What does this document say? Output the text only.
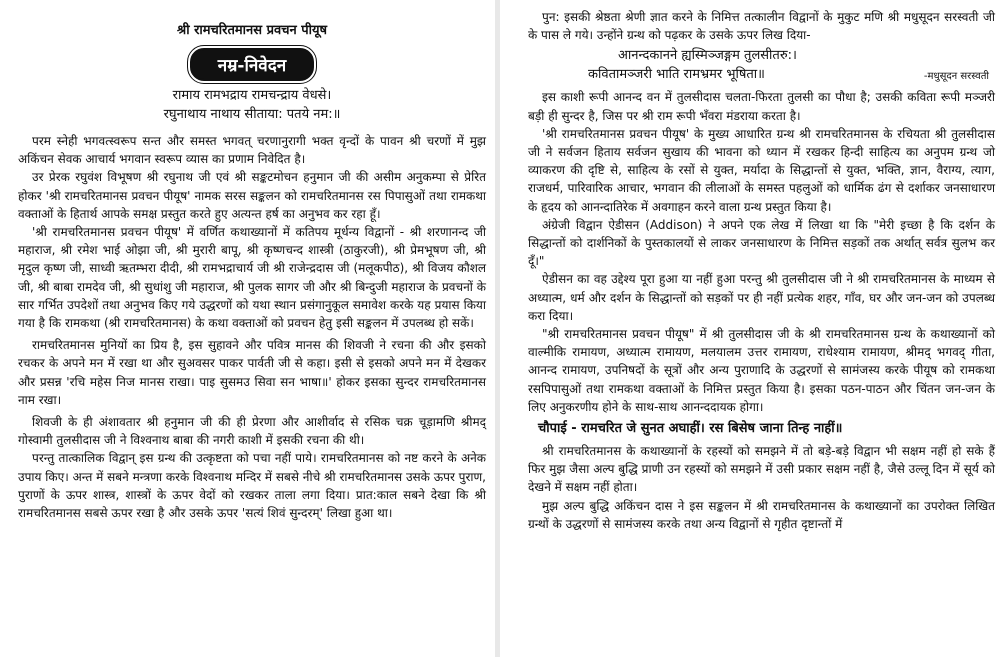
श्री रामचरितमानस प्रवचन पीयूष
नम्र-निवेदन
रामाय रामभद्राय रामचन्द्राय वेधसे।
रघुनाथाय नाथाय सीताया: पतये नम:॥

परम स्नेही भगवत्स्वरूप सन्त और समस्त भगवत् चरणानुरागी भक्त वृन्दों के पावन श्री चरणों में मुझ अकिंचन सेवक आचार्य भगवान स्वरूप व्यास का प्रणाम निवेदित है।

उर प्रेरक रघुवंश विभूषण श्री रघुनाथ जी एवं श्री सङ्कटमोचन हनुमान जी की असीम अनुकम्पा से प्रेरित होकर 'श्री रामचरितमानस प्रवचन पीयूष' नामक सरस सङ्कलन को रामचरितमानस रस पिपासुओं तथा रामकथा वक्ताओं के हितार्थ आपके समक्ष प्रस्तुत करते हुए अत्यन्त हर्ष का अनुभव कर रहा हूँ।

'श्री रामचरितमानस प्रवचन पीयूष' में वर्णित कथाख्यानों में कतिपय मूर्धन्य विद्वानों - श्री शरणानन्द जी महाराज, श्री रमेश भाई ओझा जी, श्री मुरारी बापू, श्री कृष्णचन्द शास्त्री (ठाकुरजी), श्री प्रेमभूषण जी, श्री मृदुल कृष्ण जी, साध्वी ऋतम्भरा दीदी, श्री रामभद्राचार्य जी श्री राजेन्द्रदास जी (मलूकपीठ), श्री विजय कौशल जी, श्री बाबा रामदेव जी, श्री सुधांशु जी महाराज, श्री पुलक सागर जी और श्री बिन्दुजी महाराज के प्रवचनों के सार गर्भित उपदेशों तथा अनुभव किए गये उद्धरणों को यथा स्थान प्रसंगानुकूल समावेश करके यह प्रयास किया गया है कि रामकथा (श्री रामचरितमानस) के कथा वक्ताओं को प्रवचन हेतु इसी सङ्कलन में उपलब्ध हो सकें।

रामचरितमानस मुनियों का प्रिय है, इस सुहावने और पवित्र मानस की शिवजी ने रचना की और इसको रचकर के अपने मन में रखा था और सुअवसर पाकर पार्वती जी से कहा। इसी से इसको अपने मन में देखकर और प्रसन्न 'रचि महेस निज मानस राखा। पाइ सुसमउ सिवा सन भाषा॥' होकर इसका सुन्दर रामचरितमानस नाम रखा।

शिवजी के ही अंशावतार श्री हनुमान जी की ही प्रेरणा और आशीर्वाद से रसिक चक्र चूड़ामणि श्रीमद् गोस्वामी तुलसीदास जी ने विश्वनाथ बाबा की नगरी काशी में इसकी रचना की थी।

परन्तु तात्कालिक विद्वान् इस ग्रन्थ की उत्कृष्टता को पचा नहीं पाये। रामचरितमानस को नष्ट करने के अनेक उपाय किए। अन्त में सबने मन्त्रणा करके विश्वनाथ मन्दिर में सबसे नीचे श्री रामचरितमानस उसके ऊपर पुराण, पुराणों के ऊपर शास्त्र, शास्त्रों के ऊपर वेदों को रखकर ताला लगा दिया। प्रात:काल सबने देखा कि श्री रामचरितमानस सबसे ऊपर रखा है और उसके ऊपर 'सत्यं शिवं सुन्दरम्' लिखा हुआ था।

पुन: इसकी श्रेष्ठता श्रेणी ज्ञात करने के निमित्त तत्कालीन विद्वानों के मुकुट मणि श्री मधुसूदन सरस्वती जी के पास ले गये। उन्होंने ग्रन्थ को पढ़कर के उसके ऊपर लिख दिया-

आनन्दकानने ह्यस्मिञ्जङ्गम तुलसीतरु:।
कवितामञ्जरी भाति रामभ्रमर भूषिता॥	-मधुसूदन सरस्वती

इस काशी रूपी आनन्द वन में तुलसीदास चलता-फिरता तुलसी का पौधा है; उसकी कविता रूपी मञ्जरी बड़ी ही सुन्दर है, जिस पर श्री राम रूपी भँवरा मंडराया करता है।

'श्री रामचरितमानस प्रवचन पीयूष' के मुख्य आधारित ग्रन्थ श्री रामचरितमानस के रचियता श्री तुलसीदास जी ने सर्वजन हिताय सर्वजन सुखाय की भावना को ध्यान में रखकर हिन्दी साहित्य का अनुपम ग्रन्थ जो व्याकरण की दृष्टि से, साहित्य के रसों से युक्त, मर्यादा के सिद्धान्तों से युक्त, भक्ति, ज्ञान, वैराग्य, त्याग, राजधर्म, पारिवारिक आचार, भगवान की लीलाओं के समस्त पहलुओं को धार्मिक ढंग से दर्शाकर जनसाधारण के हृदय को आनन्दातिरेक में अवगाहन करने वाला ग्रन्थ प्रस्तुत किया है।

अंग्रेजी विद्वान ऐडीसन (Addison) ने अपने एक लेख में लिखा था कि "मेरी इच्छा है कि दर्शन के सिद्धान्तों को दार्शनिकों के पुस्तकालयों से लाकर जनसाधारण के निमित्त सड़कों तक अर्थात् सर्वत्र सुलभ कर दूँ।"

ऐडीसन का वह उद्देश्य पूरा हुआ या नहीं हुआ परन्तु श्री तुलसीदास जी ने श्री रामचरितमानस के माध्यम से अध्यात्म, धर्म और दर्शन के सिद्धान्तों को सड़कों पर ही नहीं प्रत्येक शहर, गाँव, घर और जन-जन को उपलब्ध करा दिया।

"श्री रामचरितमानस प्रवचन पीयूष" में श्री तुलसीदास जी के श्री रामचरितमानस ग्रन्थ के कथाख्यानों को वाल्मीकि रामायण, अध्यात्म रामायण, मलयालम उत्तर रामायण, राधेश्याम रामायण, श्रीमद् भगवद् गीता, आनन्द रामायण, उपनिषदों के सूत्रों और अन्य पुराणादि के उद्धरणों से सामंजस्य करके पीयूष को रामकथा रसपिपासुओं तथा रामकथा वक्ताओं के निमित्त प्रस्तुत किया है। इसका पठन-पाठन और चिंतन जन-जन के लिए अनुकरणीय होने के साथ-साथ आनन्ददायक होगा।

चौपाई - रामचरित जे सुनत अघाहीं। रस बिसेष जाना तिन्ह नाहीं॥

श्री रामचरितमानस के कथाख्यानों के रहस्यों को समझने में तो बड़े-बड़े विद्वान भी सक्षम नहीं हो सके हैं फिर मुझ जैसा अल्प बुद्धि प्राणी उन रहस्यों को समझने में उसी प्रकार सक्षम नहीं है, जैसे उल्लू दिन में सूर्य को देखने में सक्षम नहीं होता।

मुझ अल्प बुद्धि अकिंचन दास ने इस सङ्कलन में श्री रामचरितमानस के कथाख्यानों का उपरोक्त लिखित ग्रन्थों के उद्धरणों से सामंजस्य करके तथा अन्य विद्वानों से गृहीत दृष्टान्तों में
